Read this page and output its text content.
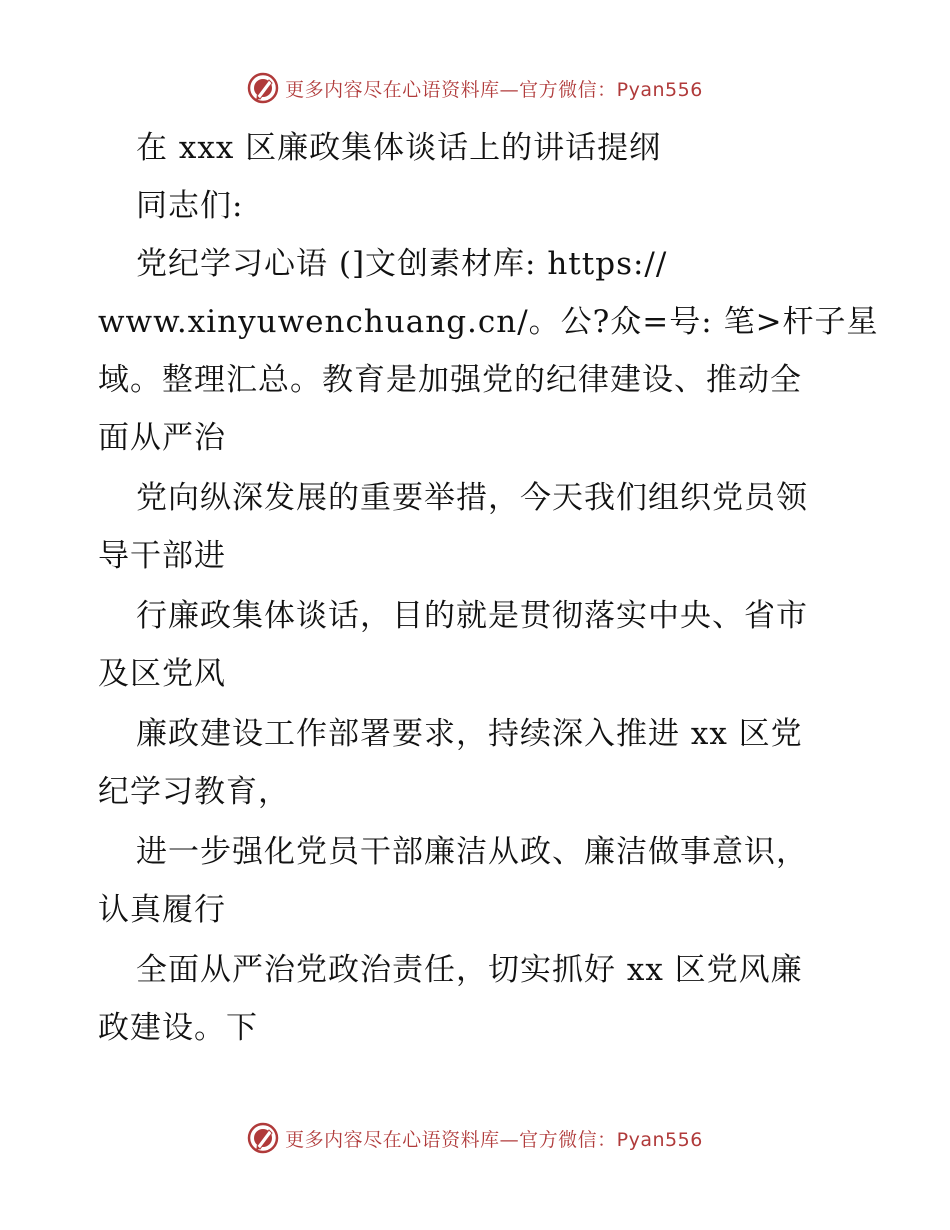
更多内容尽在心语资料库—官方微信：Pyan556
在 xxx 区廉政集体谈话上的讲话提纲
同志们:
党纪学习心语 (]文创素材库: https://
www.xinyuwenchuang.cn/。公?众=号: 笔>杆子星
域。整理汇总。教育是加强党的纪律建设、推动全
面从严治
党向纵深发展的重要举措，今天我们组织党员领
导干部进
行廉政集体谈话，目的就是贯彻落实中央、省市
及区党风
廉政建设工作部署要求，持续深入推进 xx 区党
纪学习教育，
进一步强化党员干部廉洁从政、廉洁做事意识，
认真履行
全面从严治党政治责任，切实抓好 xx 区党风廉
政建设。下
更多内容尽在心语资料库—官方微信：Pyan556
